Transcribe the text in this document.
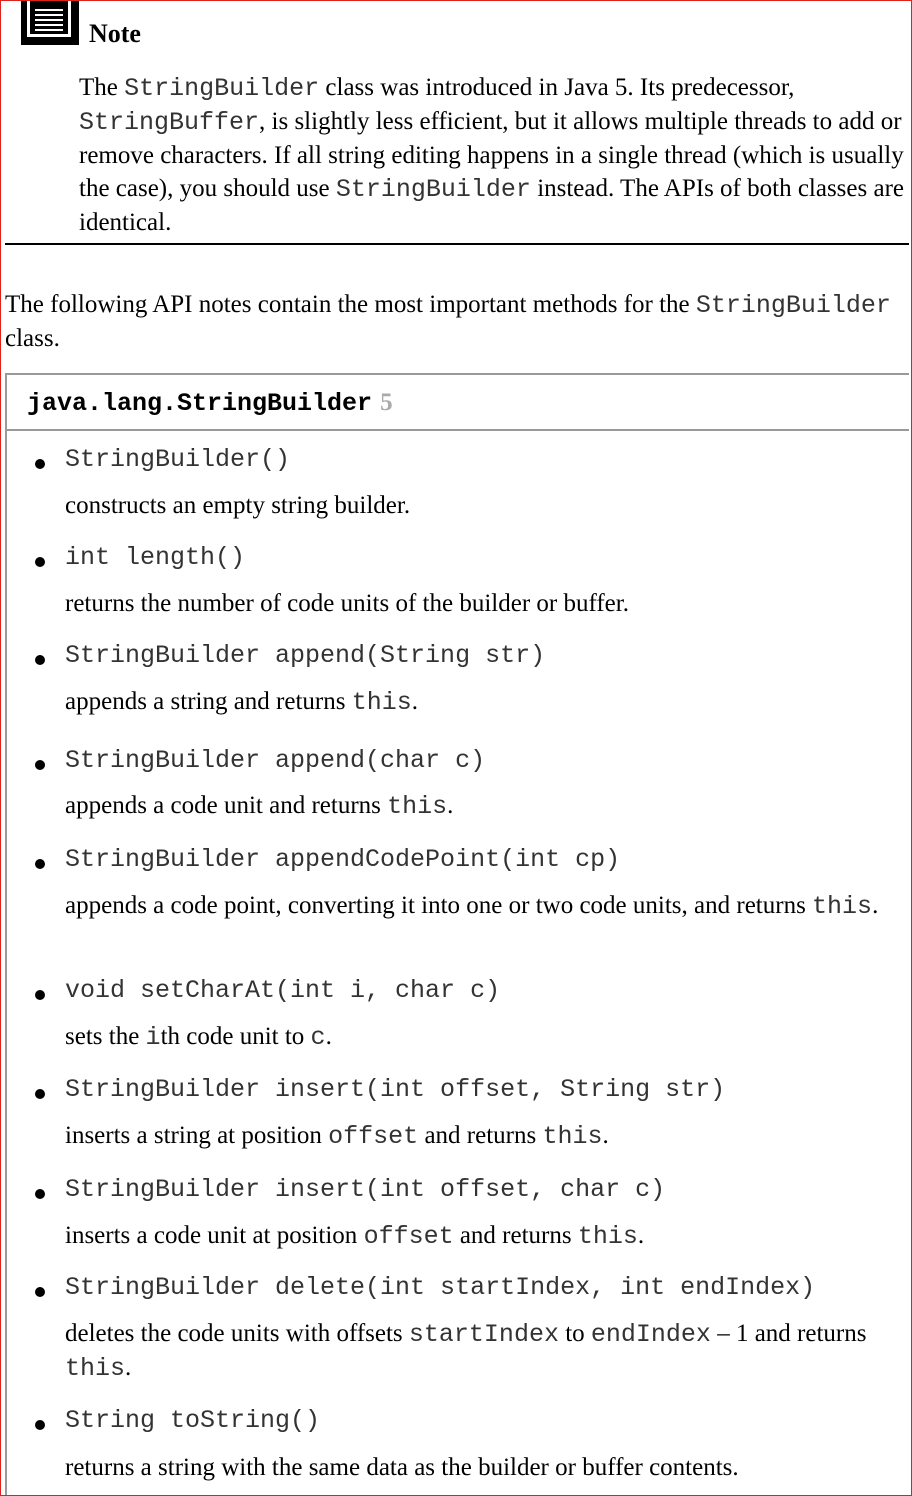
Note
The StringBuilder class was introduced in Java 5. Its predecessor, StringBuffer, is slightly less efficient, but it allows multiple threads to add or remove characters. If all string editing happens in a single thread (which is usually the case), you should use StringBuilder instead. The APIs of both classes are identical.
The following API notes contain the most important methods for the StringBuilder class.
java.lang.StringBuilder 5
StringBuilder()
constructs an empty string builder.
int length()
returns the number of code units of the builder or buffer.
StringBuilder append(String str)
appends a string and returns this.
StringBuilder append(char c)
appends a code unit and returns this.
StringBuilder appendCodePoint(int cp)
appends a code point, converting it into one or two code units, and returns this.
void setCharAt(int i, char c)
sets the ith code unit to c.
StringBuilder insert(int offset, String str)
inserts a string at position offset and returns this.
StringBuilder insert(int offset, char c)
inserts a code unit at position offset and returns this.
StringBuilder delete(int startIndex, int endIndex)
deletes the code units with offsets startIndex to endIndex – 1 and returns this.
String toString()
returns a string with the same data as the builder or buffer contents.
